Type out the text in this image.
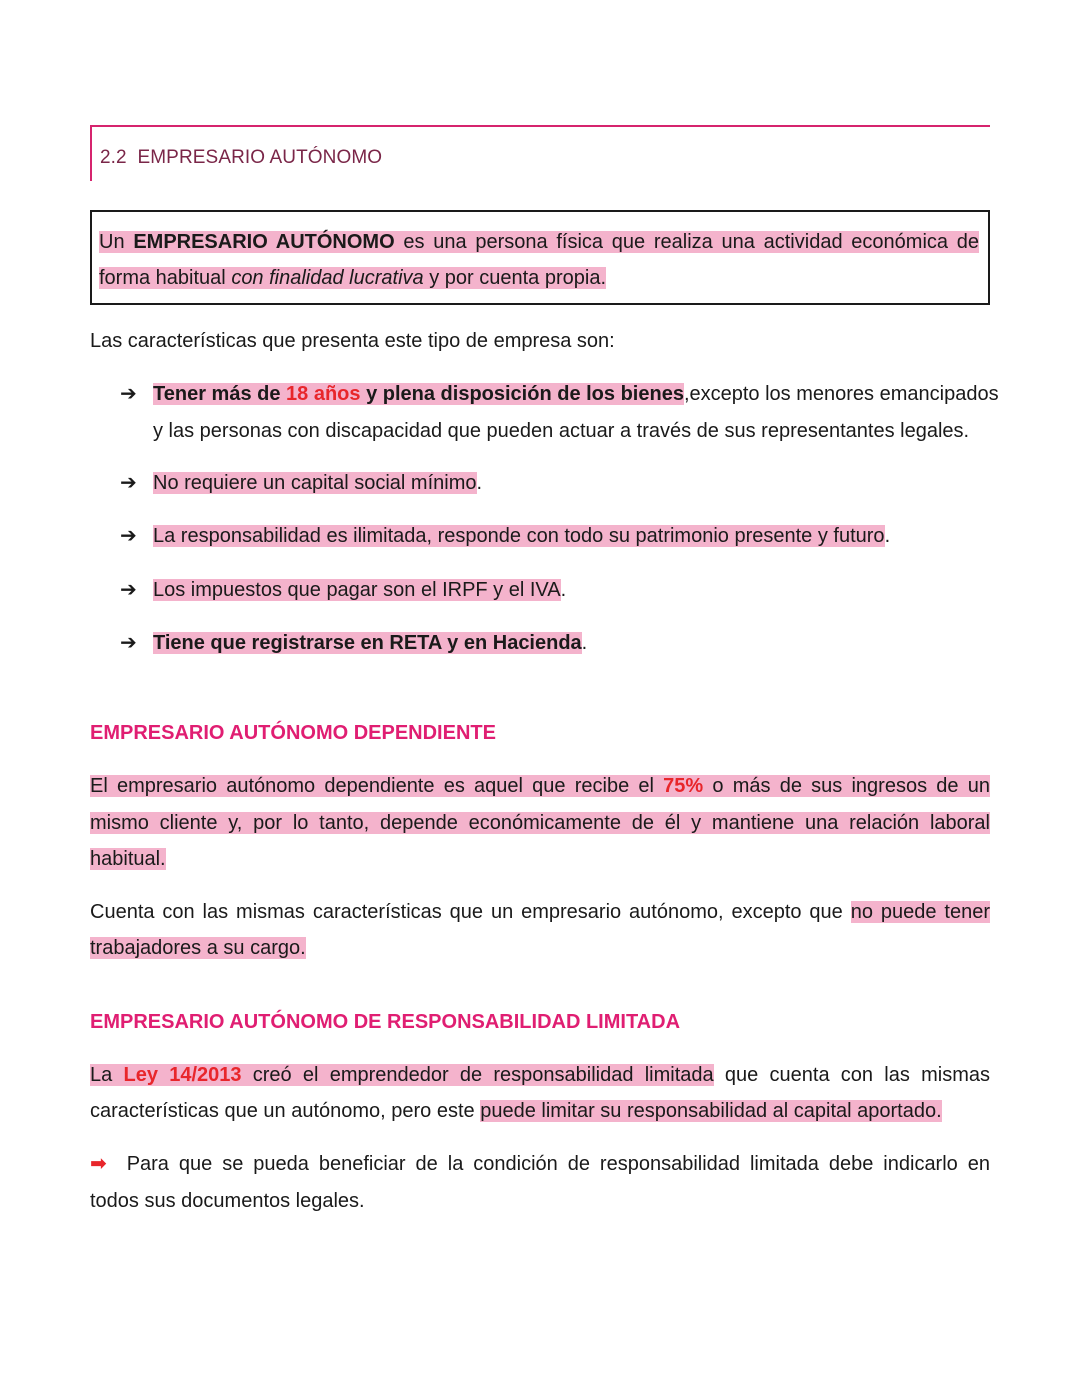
2.2 EMPRESARIO AUTÓNOMO
Un EMPRESARIO AUTÓNOMO es una persona física que realiza una actividad económica de
forma habitual con finalidad lucrativa y por cuenta propia.
Las características que presenta este tipo de empresa son:
➔ Tener más de 18 años y plena disposición de los bienes,excepto los menores emancipados
y las personas con discapacidad que pueden actuar a través de sus representantes legales.
➔ No requiere un capital social mínimo.
➔ La responsabilidad es ilimitada, responde con todo su patrimonio presente y futuro.
➔ Los impuestos que pagar son el IRPF y el IVA.
➔ Tiene que registrarse en RETA y en Hacienda.
EMPRESARIO AUTÓNOMO DEPENDIENTE
El empresario autónomo dependiente es aquel que recibe el 75% o más de sus ingresos de un
mismo cliente y, por lo tanto, depende económicamente de él y mantiene una relación laboral
habitual.
Cuenta con las mismas características que un empresario autónomo, excepto que no puede tener
trabajadores a su cargo.
EMPRESARIO AUTÓNOMO DE RESPONSABILIDAD LIMITADA
La Ley 14/2013 creó el emprendedor de responsabilidad limitada que cuenta con las mismas
características que un autónomo, pero este puede limitar su responsabilidad al capital aportado.
➡ Para que se pueda beneficiar de la condición de responsabilidad limitada debe indicarlo en
todos sus documentos legales.
